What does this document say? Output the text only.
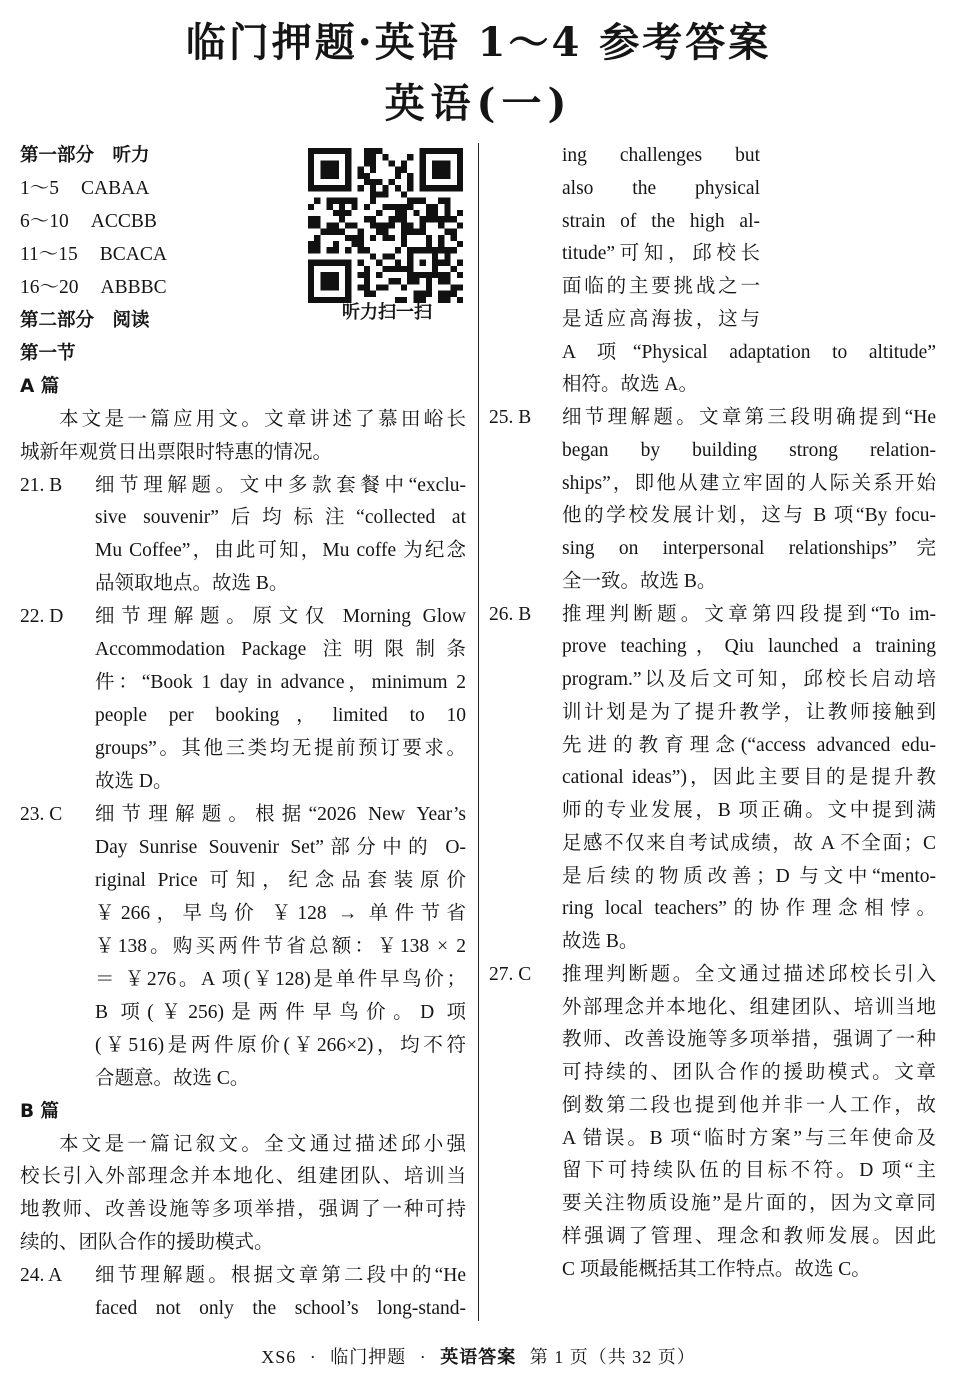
临门押题·英语 1～4 参考答案
英语(一)
听力扫一扫
第一部分　听力
1～5 CABAA
6～10 ACCBB
11～15 BCACA
16～20 ABBBC
第二部分　阅读
第一节
A 篇
本文是一篇应用文。文章讲述了慕田峪长
城新年观赏日出票限时特惠的情况。
21. B 细节理解题。文中多款套餐中“exclu-
sive souvenir”后均标注“collected at
Mu Coffee”，由此可知，Mu coffe 为纪念
品领取地点。故选 B。
22. D 细节理解题。原文仅 Morning Glow
Accommodation Package 注明限制条
件：“Book 1 day in advance，minimum 2
people per booking，limited to 10
groups”。其他三类均无提前预订要求。
故选 D。
23. C 细节理解题。根据“2026 New Year’s
Day Sunrise Souvenir Set”部分中的 O-
riginal Price 可知，纪念品套装原价
￥266，早鸟价 ￥128 → 单件节省
￥138。购买两件节省总额：￥138 × 2
＝ ￥276。A 项(￥128)是单件早鸟价；
B 项(￥256)是两件早鸟价。D 项
(￥516)是两件原价(￥266×2)，均不符
合题意。故选 C。
B 篇
本文是一篇记叙文。全文通过描述邱小强
校长引入外部理念并本地化、组建团队、培训当
地教师、改善设施等多项举措，强调了一种可持
续的、团队合作的援助模式。
24. A 细节理解题。根据文章第二段中的“He
faced not only the school’s long-stand-
ing challenges but
also the physical
strain of the high al-
titude”可知，邱校长
面临的主要挑战之一
是适应高海拔，这与
A 项“Physical adaptation to altitude”
相符。故选 A。
25. B 细节理解题。文章第三段明确提到“He
began by building strong relation-
ships”，即他从建立牢固的人际关系开始
他的学校发展计划，这与 B 项“By focu-
sing on interpersonal relationships”完
全一致。故选 B。
26. B 推理判断题。文章第四段提到“To im-
prove teaching，Qiu launched a training
program.”以及后文可知，邱校长启动培
训计划是为了提升教学，让教师接触到
先进的教育理念(“access advanced edu-
cational ideas”)，因此主要目的是提升教
师的专业发展，B 项正确。文中提到满
足感不仅来自考试成绩，故 A 不全面；C
是后续的物质改善；D 与文中“mento-
ring local teachers”的协作理念相悖。
故选 B。
27. C 推理判断题。全文通过描述邱校长引入
外部理念并本地化、组建团队、培训当地
教师、改善设施等多项举措，强调了一种
可持续的、团队合作的援助模式。文章
倒数第二段也提到他并非一人工作，故
A 错误。B 项“临时方案”与三年使命及
留下可持续队伍的目标不符。D 项“主
要关注物质设施”是片面的，因为文章同
样强调了管理、理念和教师发展。因此
C 项最能概括其工作特点。故选 C。
XS6 · 临门押题 · 英语答案 第 1 页（共 32 页）
